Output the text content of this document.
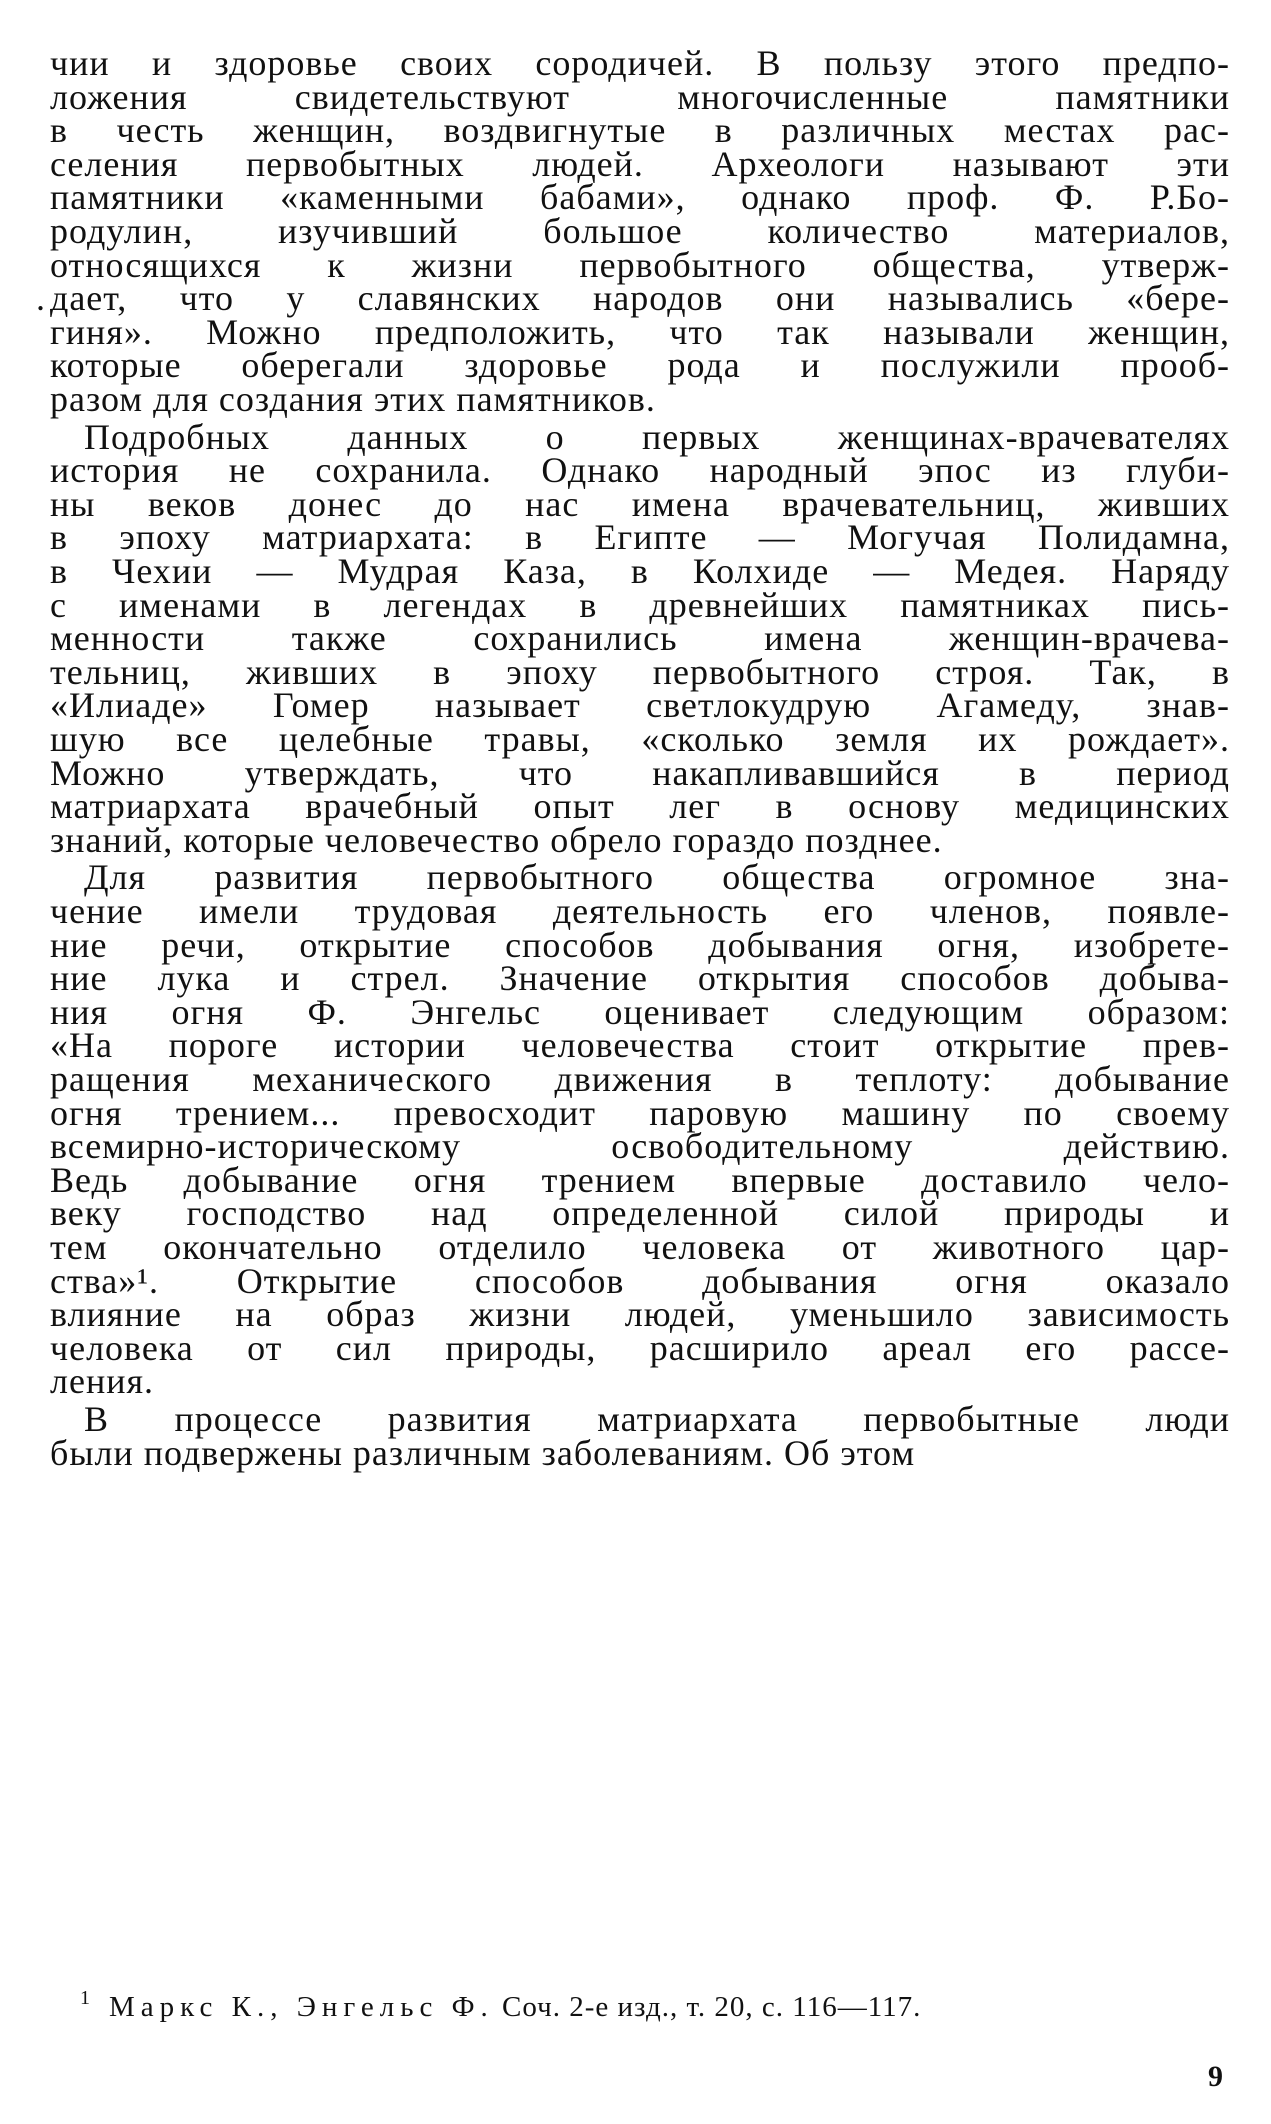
чии и здоровье своих сородичей. В пользу этого предпо-
ложения свидетельствуют многочисленные памятники
в честь женщин, воздвигнутые в различных местах рас-
селения первобытных людей. Археологи называют эти
памятники «каменными бабами», однако проф. Ф. Р.Бо-
родулин, изучивший большое количество материалов,
относящихся к жизни первобытного общества, утверж-
дает, что у славянских народов они назывались «бере-
.
гиня». Можно предположить, что так называли женщин,
которые оберегали здоровье рода и послужили прооб-
разом для создания этих памятников.
Подробных данных о первых женщинах-врачевателях
история не сохранила. Однако народный эпос из глуби-
ны веков донес до нас имена врачевательниц, живших
в эпоху матриархата: в Египте — Могучая Полидамна,
в Чехии — Мудрая Каза, в Колхиде — Медея. Наряду
с именами в легендах в древнейших памятниках пись-
менности также сохранились имена женщин-врачева-
тельниц, живших в эпоху первобытного строя. Так, в
«Илиаде» Гомер называет светлокудрую Агамеду, знав-
шую все целебные травы, «сколько земля их рождает».
Можно утверждать, что накапливавшийся в период
матриархата врачебный опыт лег в основу медицинских
знаний, которые человечество обрело гораздо позднее.
Для развития первобытного общества огромное зна-
чение имели трудовая деятельность его членов, появле-
ние речи, открытие способов добывания огня, изобрете-
ние лука и стрел. Значение открытия способов добыва-
ния огня Ф. Энгельс оценивает следующим образом:
«На пороге истории человечества стоит открытие прев-
ращения механического движения в теплоту: добывание
огня трением... превосходит паровую машину по своему
всемирно-историческому освободительному действию.
Ведь добывание огня трением впервые доставило чело-
веку господство над определенной силой природы и
тем окончательно отделило человека от животного цар-
ства»¹. Открытие способов добывания огня оказало
влияние на образ жизни людей, уменьшило зависимость
человека от сил природы, расширило ареал его рассе-
ления.
В процессе развития матриархата первобытные люди
были подвержены различным заболеваниям. Об этом
$^1$ Маркс К., Энгельс Ф. Соч. 2-е изд., т. 20, с. 116—117.
9
